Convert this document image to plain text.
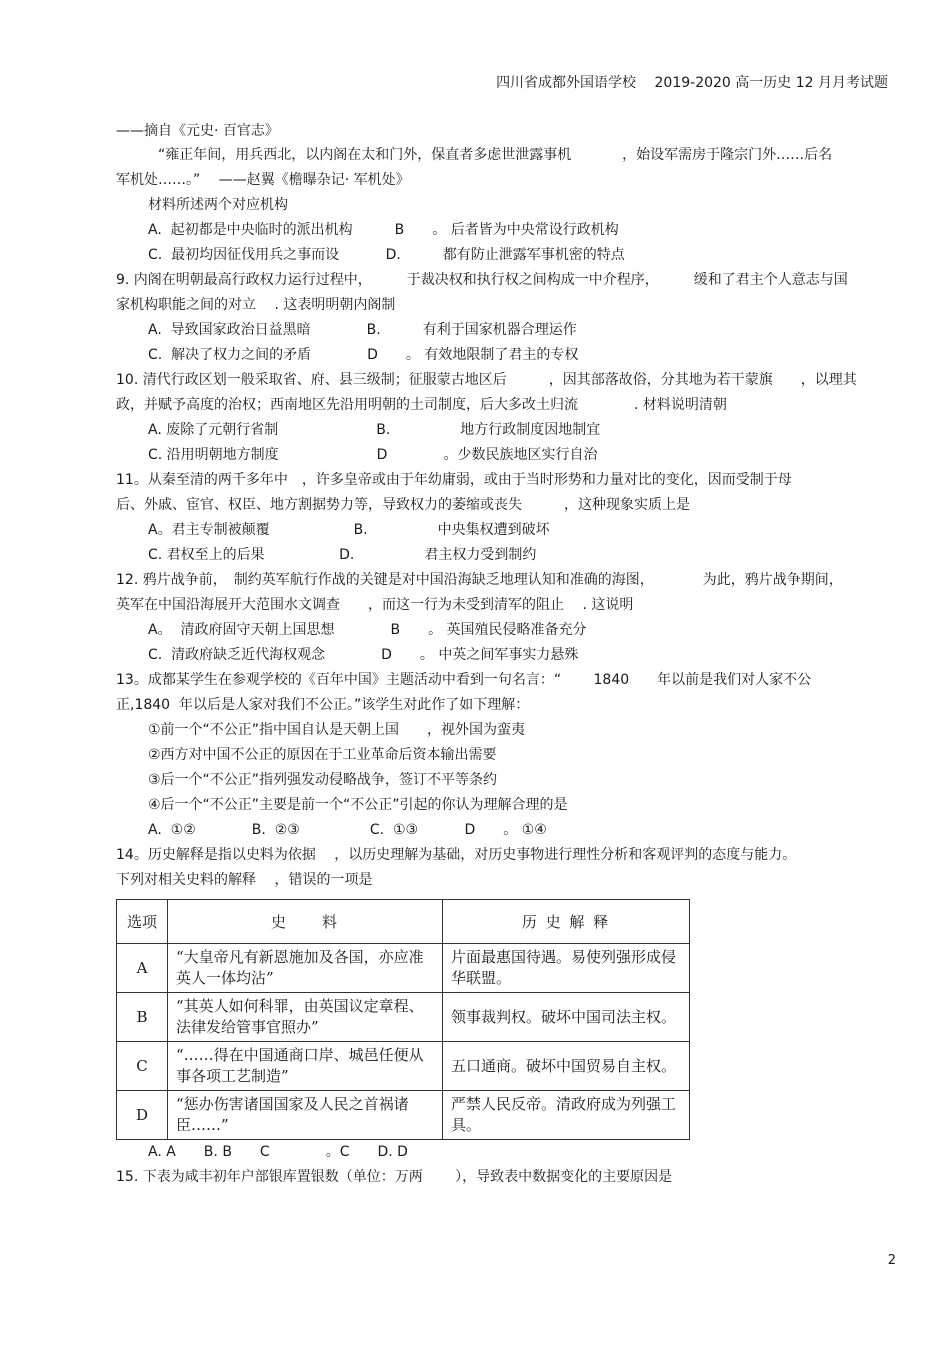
四川省成都外国语学校　 2019-2020 高一历史 12 月月考试题
——摘自《元史· 百官志》
“雍正年间，用兵西北，以内阁在太和门外，保直者多虑世泄露事机 　　　 ，始设军需房于隆宗门外……后名
军机处……。”　 ——赵翼《檐曝杂记· 军机处》
材料所述两个对应机构
A.  起初都是中央临时的派出机构　　　B　　。 后者皆为中央常设行政机构
C.  最初均因征伐用兵之事而设　　　 D.　　　都有防止泄露军事机密的特点
9. 内阁在明朝最高行政权力运行过程中，　　　于裁决权和执行权之间构成一中介程序，　　　缓和了君主个人意志与国
家机构职能之间的对立　 . 这表明明朝内阁制
A.  导致国家政治日益黑暗　　　　B.　　　有利于国家机器合理运作
C.  解决了权力之间的矛盾　　　　D　　。 有效地限制了君主的专权
10. 清代行政区划一般采取省、府、县三级制；征服蒙古地区后　　　，因其部落故俗，分其地为若干蒙旗　　，以理其
政，并赋予高度的治权；西南地区先沿用明朝的土司制度，后大多改土归流　　　　. 材料说明清朝
A. 废除了元朝行省制　　　　　　　B.　　　　　地方行政制度因地制宜
C. 沿用明朝地方制度　　　　　　　D　　　　。少数民族地区实行自治
11。从秦至清的两千多年中　，许多皇帝或由于年幼庸弱，或由于当时形势和力量对比的变化，因而受制于母
后、外戚、宦官、权臣、地方割据势力等，导致权力的萎缩或丧失　　　，这种现象实质上是
A。君主专制被颠覆　　　　　　B.　　　　　中央集权遭到破坏
C. 君权至上的后果　　　　　 D.　　　　　君主权力受到制约
12. 鸦片战争前，　制约英军航行作战的关键是对中国沿海缺乏地理认知和准确的海图，　　　　为此，鸦片战争期间，
英军在中国沿海展开大范围水文调查　　，而这一行为未受到清军的阻止　 . 这说明
A。  清政府固守天朝上国思想　　　　B　　。 英国殖民侵略准备充分
C.  清政府缺乏近代海权观念　　　　D　　。 中英之间军事实力悬殊
13。成都某学生在参观学校的《百年中国》主题活动中看到一句名言：“　　 1840　　年以前是我们对人家不公
正,1840  年以后是人家对我们不公正。”该学生对此作了如下理解：
①前一个“不公正”指中国自认是天朝上国　　，视外国为蛮夷
②西方对中国不公正的原因在于工业革命后资本输出需要
③后一个“不公正”指列强发动侵略战争，签订不平等条约
④后一个“不公正”主要是前一个“不公正”引起的你认为理解合理的是
A.  ①②　　　　B.  ②③　　　　　C.  ①③　　　 D　　。 ①④
14。历史解释是指以史料为依据　 ，以历史理解为基础，对历史事物进行理性分析和客观评判的态度与能力。
下列对相关史料的解释　 ，错误的一项是
选项	史　　料	历 史 解 释
A	“大皇帝凡有新恩施加及各国，亦应准英人一体均沾”	片面最惠国待遇。易使列强形成侵华联盟。
B	“其英人如何科罪，由英国议定章程、法律发给管事官照办”	领事裁判权。破坏中国司法主权。
C	“……得在中国通商口岸、城邑任便从事各项工艺制造”	五口通商。破坏中国贸易自主权。
D	“惩办伤害诸国国家及人民之首祸诸臣……”	严禁人民反帝。清政府成为列强工具。
A. A　　B. B　　C　　　　。C　　D. D
15. 下表为咸丰初年户部银库置银数（单位：万两　　 ），导致表中数据变化的主要原因是
2
